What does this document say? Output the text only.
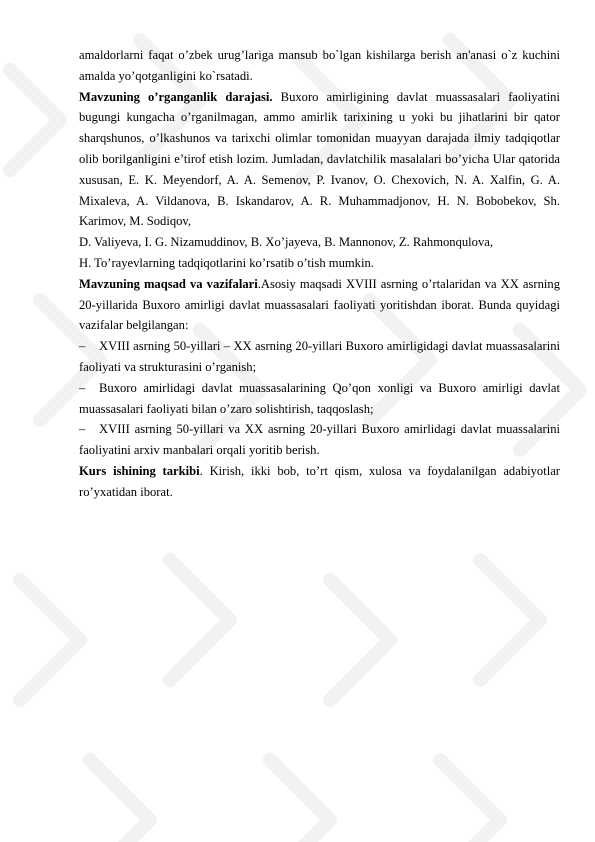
amaldorlarni faqat o’zbek urug’lariga mansub bo`lgan kishilarga berish an'anasi o`z kuchini amalda yo’qotganligini ko`rsatadi.

Mavzuning o’rganganlik darajasi. Buxoro amirligining davlat muassasalari faoliyatini bugungi kungacha o’rganilmagan, ammo amirlik tarixining u yoki bu jihatlarini bir qator sharqshunos, o’lkashunos va tarixchi olimlar tomonidan muayyan darajada ilmiy tadqiqotlar olib borilganligini e’tirof etish lozim. Jumladan, davlatchilik masalalari bo’yicha Ular qatorida xususan, E. K. Meyendorf, A. A. Semenov, P. Ivanov, O. Chexovich, N. A. Xalfin, G. A. Mixaleva, A. Vildanova, B. Iskandarov, A. R. Muhammadjonov, H. N. Bobobekov, Sh. Karimov, M. Sodiqov,

D. Valiyeva, I. G. Nizamuddinov, B. Xo’jayeva, B. Mannonov, Z. Rahmonqulova,
H. To’rayevlarning tadqiqotlarini ko’rsatib o’tish mumkin.

Mavzuning maqsad va vazifalari.Asosiy maqsadi XVIII asrning o’rtalaridan va XX asrning 20-yillarida Buxoro amirligi davlat muassasalari faoliyati yoritishdan iborat. Bunda quyidagi vazifalar belgilangan:

– XVIII asrning 50-yillari – XX asrning 20-yillari Buxoro amirligidagi davlat muassasalarini faoliyati va strukturasini o’rganish;

– Buxoro amirlidagi davlat muassasalarining Qo’qon xonligi va Buxoro amirligi davlat muassasalari faoliyati bilan o’zaro solishtirish, taqqoslash;

– XVIII asrning 50-yillari va XX asrning 20-yillari Buxoro amirlidagi davlat muassalarini faoliyatini arxiv manbalari orqali yoritib berish.

Kurs ishining tarkibi. Kirish, ikki bob, to’rt qism, xulosa va foydalanilgan adabiyotlar ro’yxatidan iborat.
